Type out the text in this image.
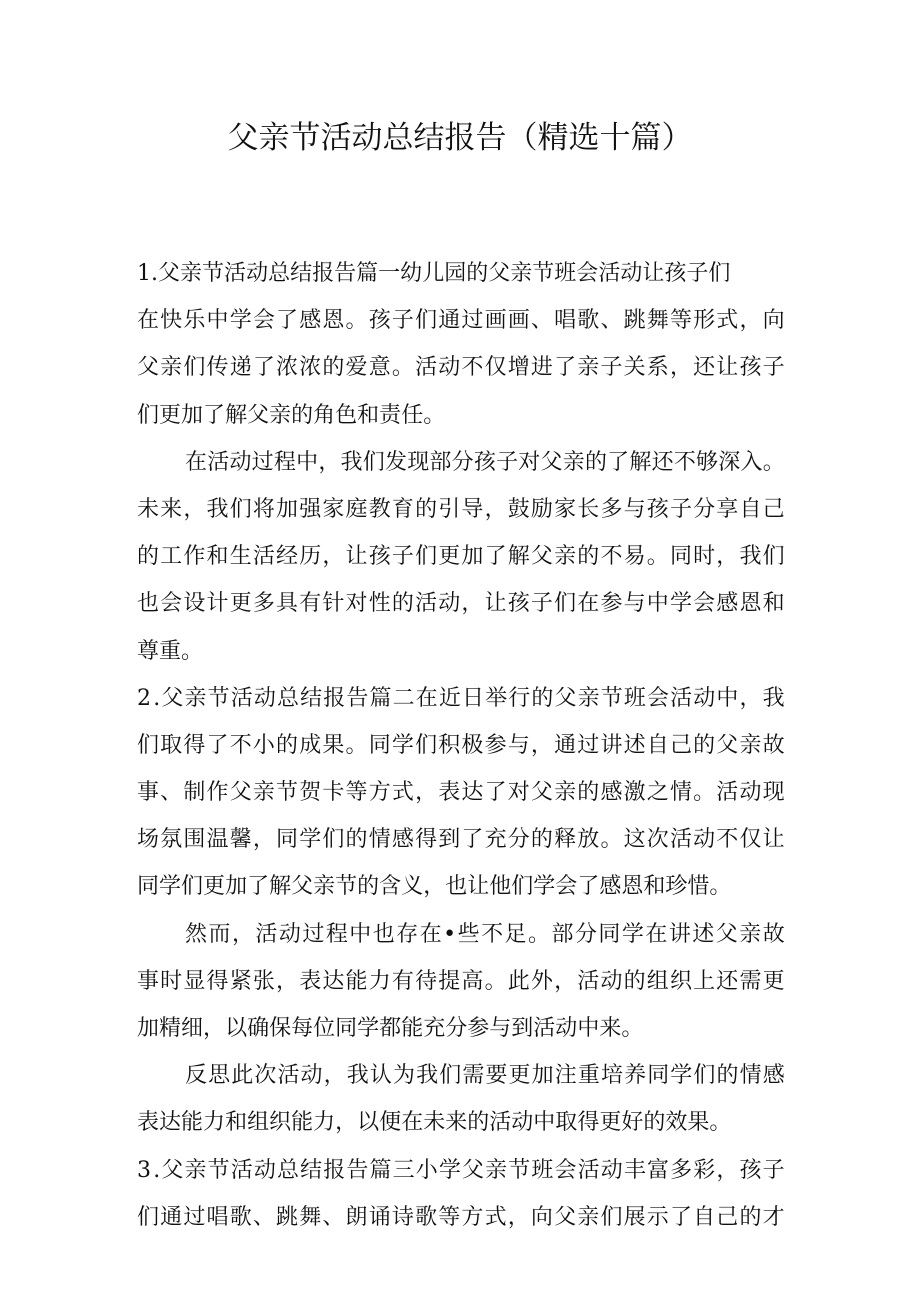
父亲节活动总结报告（精选十篇）
1 . 父 亲 节 活 动 总 结 报 告 篇 一 幼 儿 园 的 父 亲 节 班 会 活 动 让 孩 子 们
在 快 乐 中 学 会 了 感 恩 。 孩 子 们 通 过 画 画 、 唱 歌 、 跳 舞 等 形 式 ， 向
父 亲 们 传 递 了 浓 浓 的 爱 意 。 活 动 不 仅 增 进 了 亲 子 关 系 ， 还 让 孩 子
们 更 加 了 解 父 亲 的 角 色 和 责 任 。
在 活 动 过 程 中 ， 我 们 发 现 部 分 孩 子 对 父 亲 的 了 解 还 不 够 深 入 。
未 来 ， 我 们 将 加 强 家 庭 教 育 的 引 导 ， 鼓 励 家 长 多 与 孩 子 分 享 自 己
的 工 作 和 生 活 经 历 ， 让 孩 子 们 更 加 了 解 父 亲 的 不 易 。 同 时 ， 我 们
也 会 设 计 更 多 具 有 针 对 性 的 活 动 ， 让 孩 子 们 在 参 与 中 学 会 感 恩 和
尊 重 。
2 . 父 亲 节 活 动 总 结 报 告 篇 二 在 近 日 举 行 的 父 亲 节 班 会 活 动 中 ， 我
们 取 得 了 不 小 的 成 果 。 同 学 们 积 极 参 与 ， 通 过 讲 述 自 己 的 父 亲 故
事 、 制 作 父 亲 节 贺 卡 等 方 式 ， 表 达 了 对 父 亲 的 感 激 之 情 。 活 动 现
场 氛 围 温 馨 ， 同 学 们 的 情 感 得 到 了 充 分 的 释 放 。 这 次 活 动 不 仅 让
同 学 们 更 加 了 解 父 亲 节 的 含 义 ， 也 让 他 们 学 会 了 感 恩 和 珍 惜 。
然 而 ， 活 动 过 程 中 也 存 在 • 些 不 足 。 部 分 同 学 在 讲 述 父 亲 故
事 时 显 得 紧 张 ， 表 达 能 力 有 待 提 高 。 此 外 ， 活 动 的 组 织 上 还 需 更
加 精 细 ， 以 确 保 每 位 同 学 都 能 充 分 参 与 到 活 动 中 来 。
反 思 此 次 活 动 ， 我 认 为 我 们 需 要 更 加 注 重 培 养 同 学 们 的 情 感
表 达 能 力 和 组 织 能 力 ， 以 便 在 未 来 的 活 动 中 取 得 更 好 的 效 果 。
3 . 父 亲 节 活 动 总 结 报 告 篇 三 小 学 父 亲 节 班 会 活 动 丰 富 多 彩 ， 孩 子
们 通 过 唱 歌 、 跳 舞 、 朗 诵 诗 歌 等 方 式 ， 向 父 亲 们 展 示 了 自 己 的 才
